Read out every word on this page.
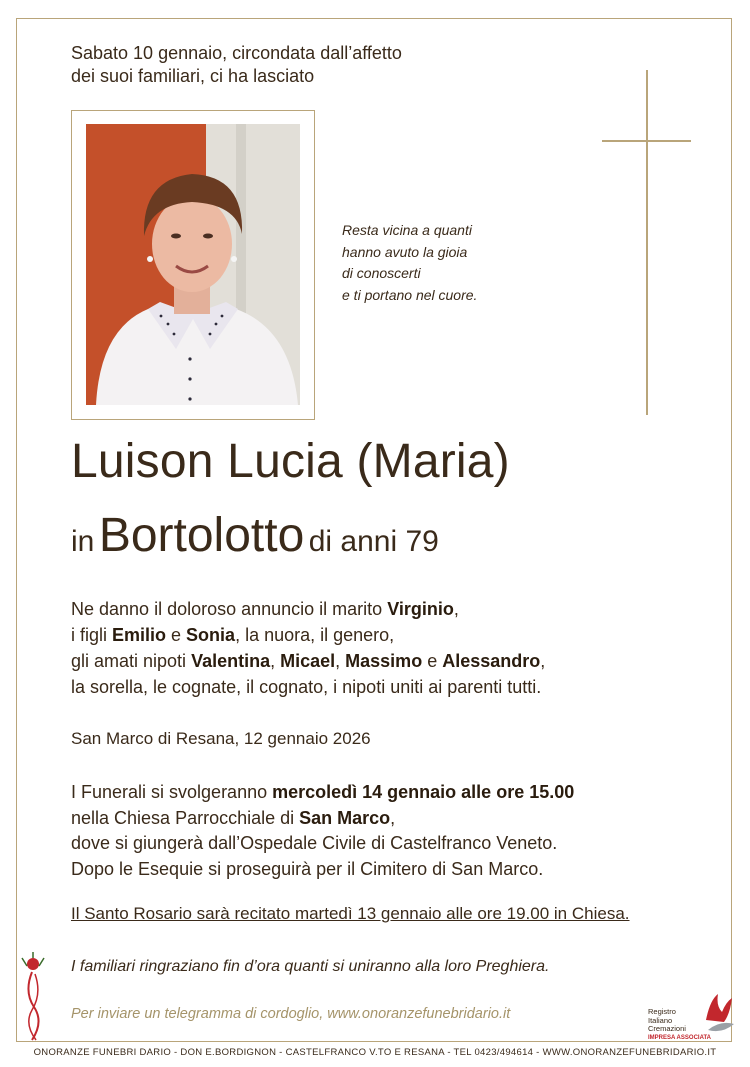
Sabato 10 gennaio, circondata dall’affetto
dei suoi familiari, ci ha lasciato
Resta vicina a quanti
hanno avuto la gioia
di conoscerti
e ti portano nel cuore.
Luison Lucia (Maria)
in Bortolotto di anni 79
Ne danno il doloroso annuncio il marito Virginio,
i figli Emilio e Sonia, la nuora, il genero,
gli amati nipoti Valentina, Micael, Massimo e Alessandro,
la sorella, le cognate, il cognato, i nipoti uniti ai parenti tutti.
San Marco di Resana, 12 gennaio 2026
I Funerali si svolgeranno mercoledì 14 gennaio alle ore 15.00
nella Chiesa Parrocchiale di San Marco,
dove si giungerà dall’Ospedale Civile di Castelfranco Veneto.
Dopo le Esequie si proseguirà per il Cimitero di San Marco.
Il Santo Rosario sarà recitato martedì 13 gennaio alle ore 19.00 in Chiesa.
I familiari ringraziano fin d’ora quanti si uniranno alla loro Preghiera.
Per inviare un telegramma di cordoglio, www.onoranzefunebridario.it	Registro
Italiano
Cremazioni
IMPRESA ASSOCIATA
ONORANZE FUNEBRI DARIO - DON E.BORDIGNON - CASTELFRANCO V.TO E RESANA - TEL 0423/494614 - WWW.ONORANZEFUNEBRIDARIO.IT
